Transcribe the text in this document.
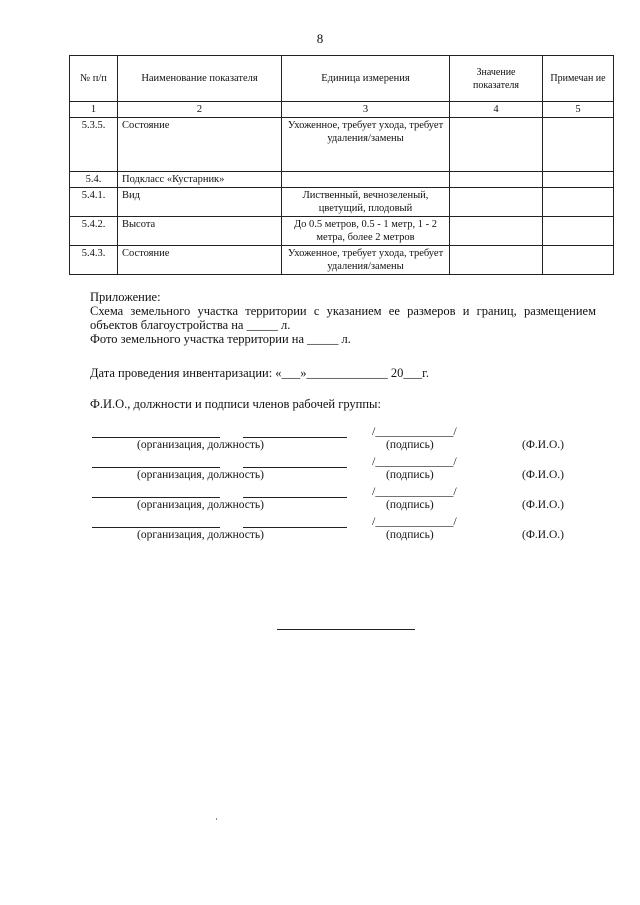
8
№ п/п	Наименование показателя	Единица измерения	Значение показателя	Примечан ие
1	2	3	4	5
5.3.5.	Состояние	Ухоженное, требует ухода, требует удаления/замены		
5.4.	Подкласс «Кустарник»			
5.4.1.	Вид	Лиственный, вечнозеленый, цветущий, плодовый		
5.4.2.	Высота	До 0.5 метров, 0.5 - 1 метр, 1 - 2 метра, более 2 метров		
5.4.3.	Состояние	Ухоженное, требует ухода, требует удаления/замены		

Приложение:

Схема земельного участка территории с указанием ее размеров и границ, размещением

объектов благоустройства на _____ л.

Фото земельного участка территории на _____ л.

Дата проведения инвентаризации: «___»_____________ 20___г.
Ф.И.О., должности и подписи членов рабочей группы:
/_____________/
(организация, должность)	(подпись)	(Ф.И.О.)
/_____________/
(организация, должность)	(подпись)	(Ф.И.О.)
/_____________/
(организация, должность)	(подпись)	(Ф.И.О.)
/_____________/
(организация, должность)	(подпись)	(Ф.И.О.)
